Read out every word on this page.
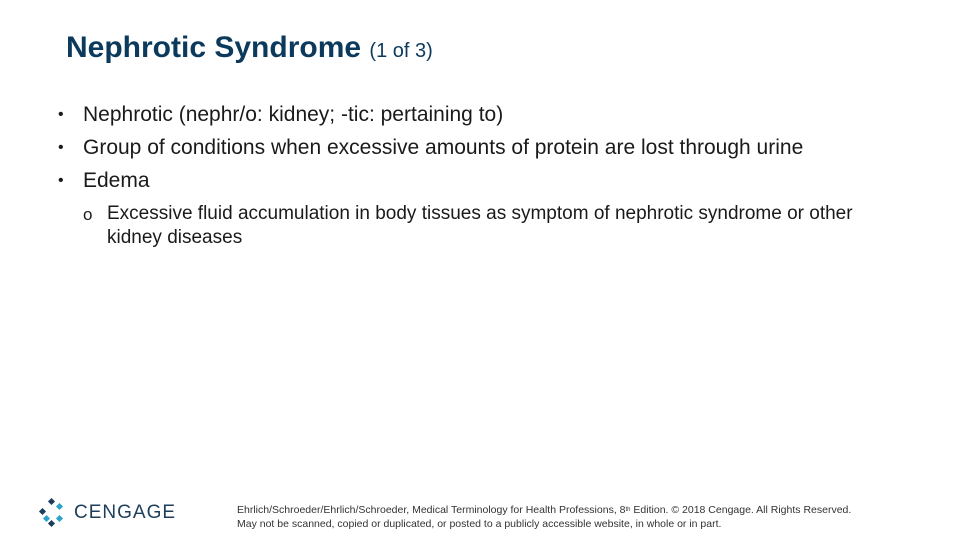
Nephrotic Syndrome (1 of 3)
• Nephrotic (nephr/o: kidney; -tic: pertaining to)
• Group of conditions when excessive amounts of protein are lost through urine
• Edema
o Excessive fluid accumulation in body tissues as symptom of nephrotic syndrome or other kidney diseases
CENGAGE	Ehrlich/Schroeder/Ehrlich/Schroeder, Medical Terminology for Health Professions, 8th Edition. © 2018 Cengage. All Rights Reserved.
May not be scanned, copied or duplicated, or posted to a publicly accessible website, in whole or in part.
